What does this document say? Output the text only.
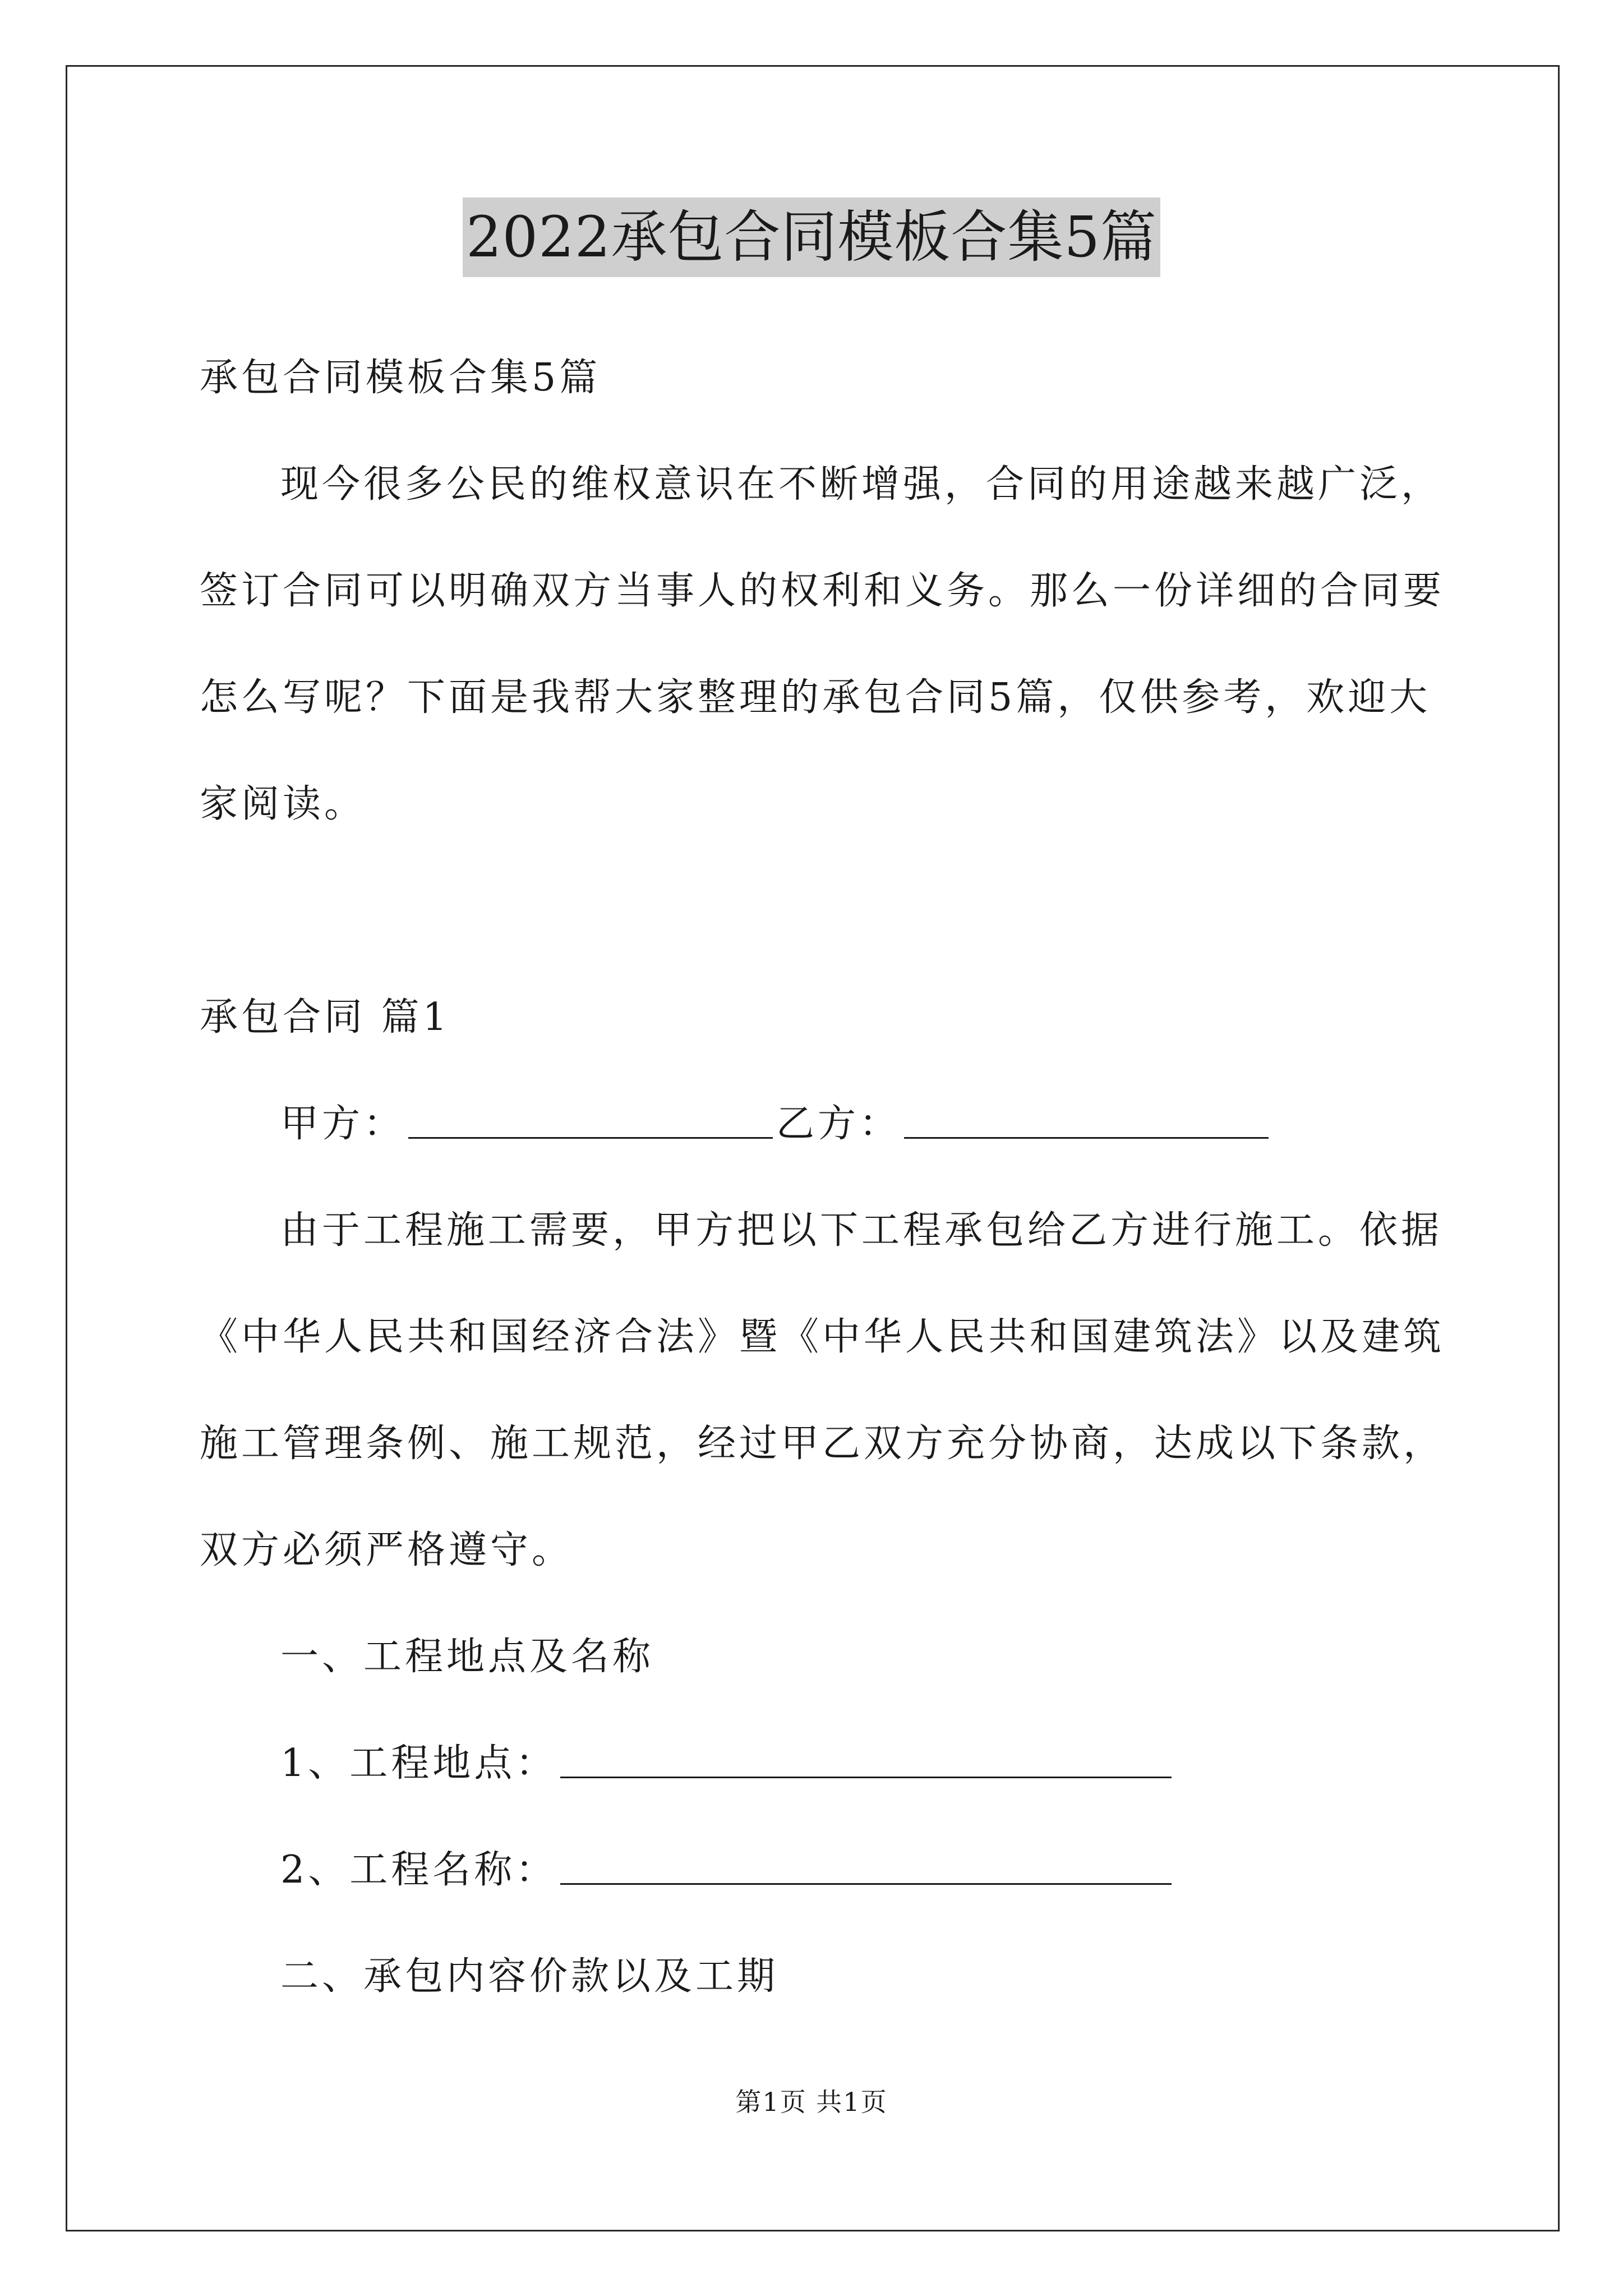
2022承包合同模板合集5篇
承包合同模板合集5篇
现今很多公民的维权意识在不断增强，合同的用途越来越广泛，
签订合同可以明确双方当事人的权利和义务。那么一份详细的合同要
怎么写呢？下面是我帮大家整理的承包合同5篇，仅供参考，欢迎大
家阅读。
承包合同 篇1
甲方：	乙方：
由于工程施工需要，甲方把以下工程承包给乙方进行施工。依据
《中华人民共和国经济合法》暨《中华人民共和国建筑法》以及建筑
施工管理条例、施工规范，经过甲乙双方充分协商，达成以下条款，
双方必须严格遵守。
一、工程地点及名称
1、工程地点：
2、工程名称：
二、承包内容价款以及工期
第1页 共1页
